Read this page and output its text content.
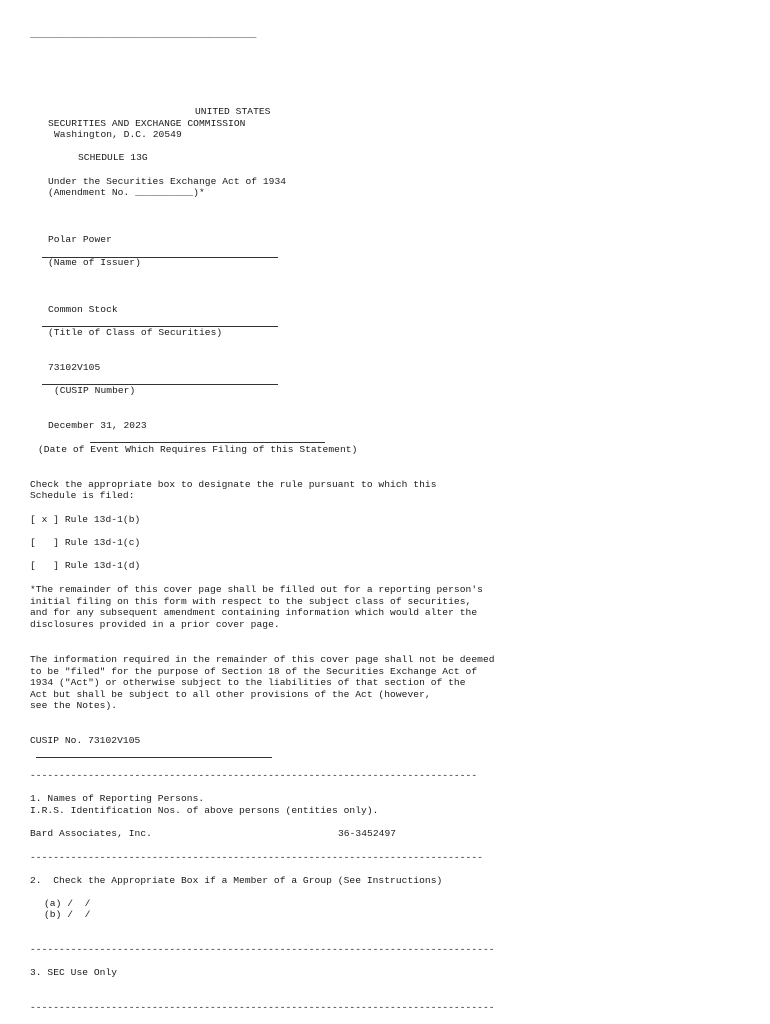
_______________________________________
UNITED STATES
SECURITIES AND EXCHANGE COMMISSION
Washington, D.C. 20549
SCHEDULE 13G
Under the Securities Exchange Act of 1934
(Amendment No. __________)*
Polar Power
(Name of Issuer)
Common Stock
(Title of Class of Securities)
73102V105
(CUSIP Number)
December 31, 2023
(Date of Event Which Requires Filing of this Statement)
Check the appropriate box to designate the rule pursuant to which this
Schedule is filed:
[ x ] Rule 13d-1(b)
[   ] Rule 13d-1(c)
[   ] Rule 13d-1(d)
*The remainder of this cover page shall be filled out for a reporting person's
initial filing on this form with respect to the subject class of securities,
and for any subsequent amendment containing information which would alter the
disclosures provided in a prior cover page.
The information required in the remainder of this cover page shall not be deemed
to be "filed" for the purpose of Section 18 of the Securities Exchange Act of
1934 ("Act") or otherwise subject to the liabilities of that section of the
Act but shall be subject to all other provisions of the Act (however,
see the Notes).
CUSIP No. 73102V105
-----------------------------------------------------------------------------
1. Names of Reporting Persons.
I.R.S. Identification Nos. of above persons (entities only).
Bard Associates, Inc.	36-3452497
------------------------------------------------------------------------------
2.  Check the Appropriate Box if a Member of a Group (See Instructions)
(a) /  /
(b) /  /
--------------------------------------------------------------------------------
3. SEC Use Only
--------------------------------------------------------------------------------
